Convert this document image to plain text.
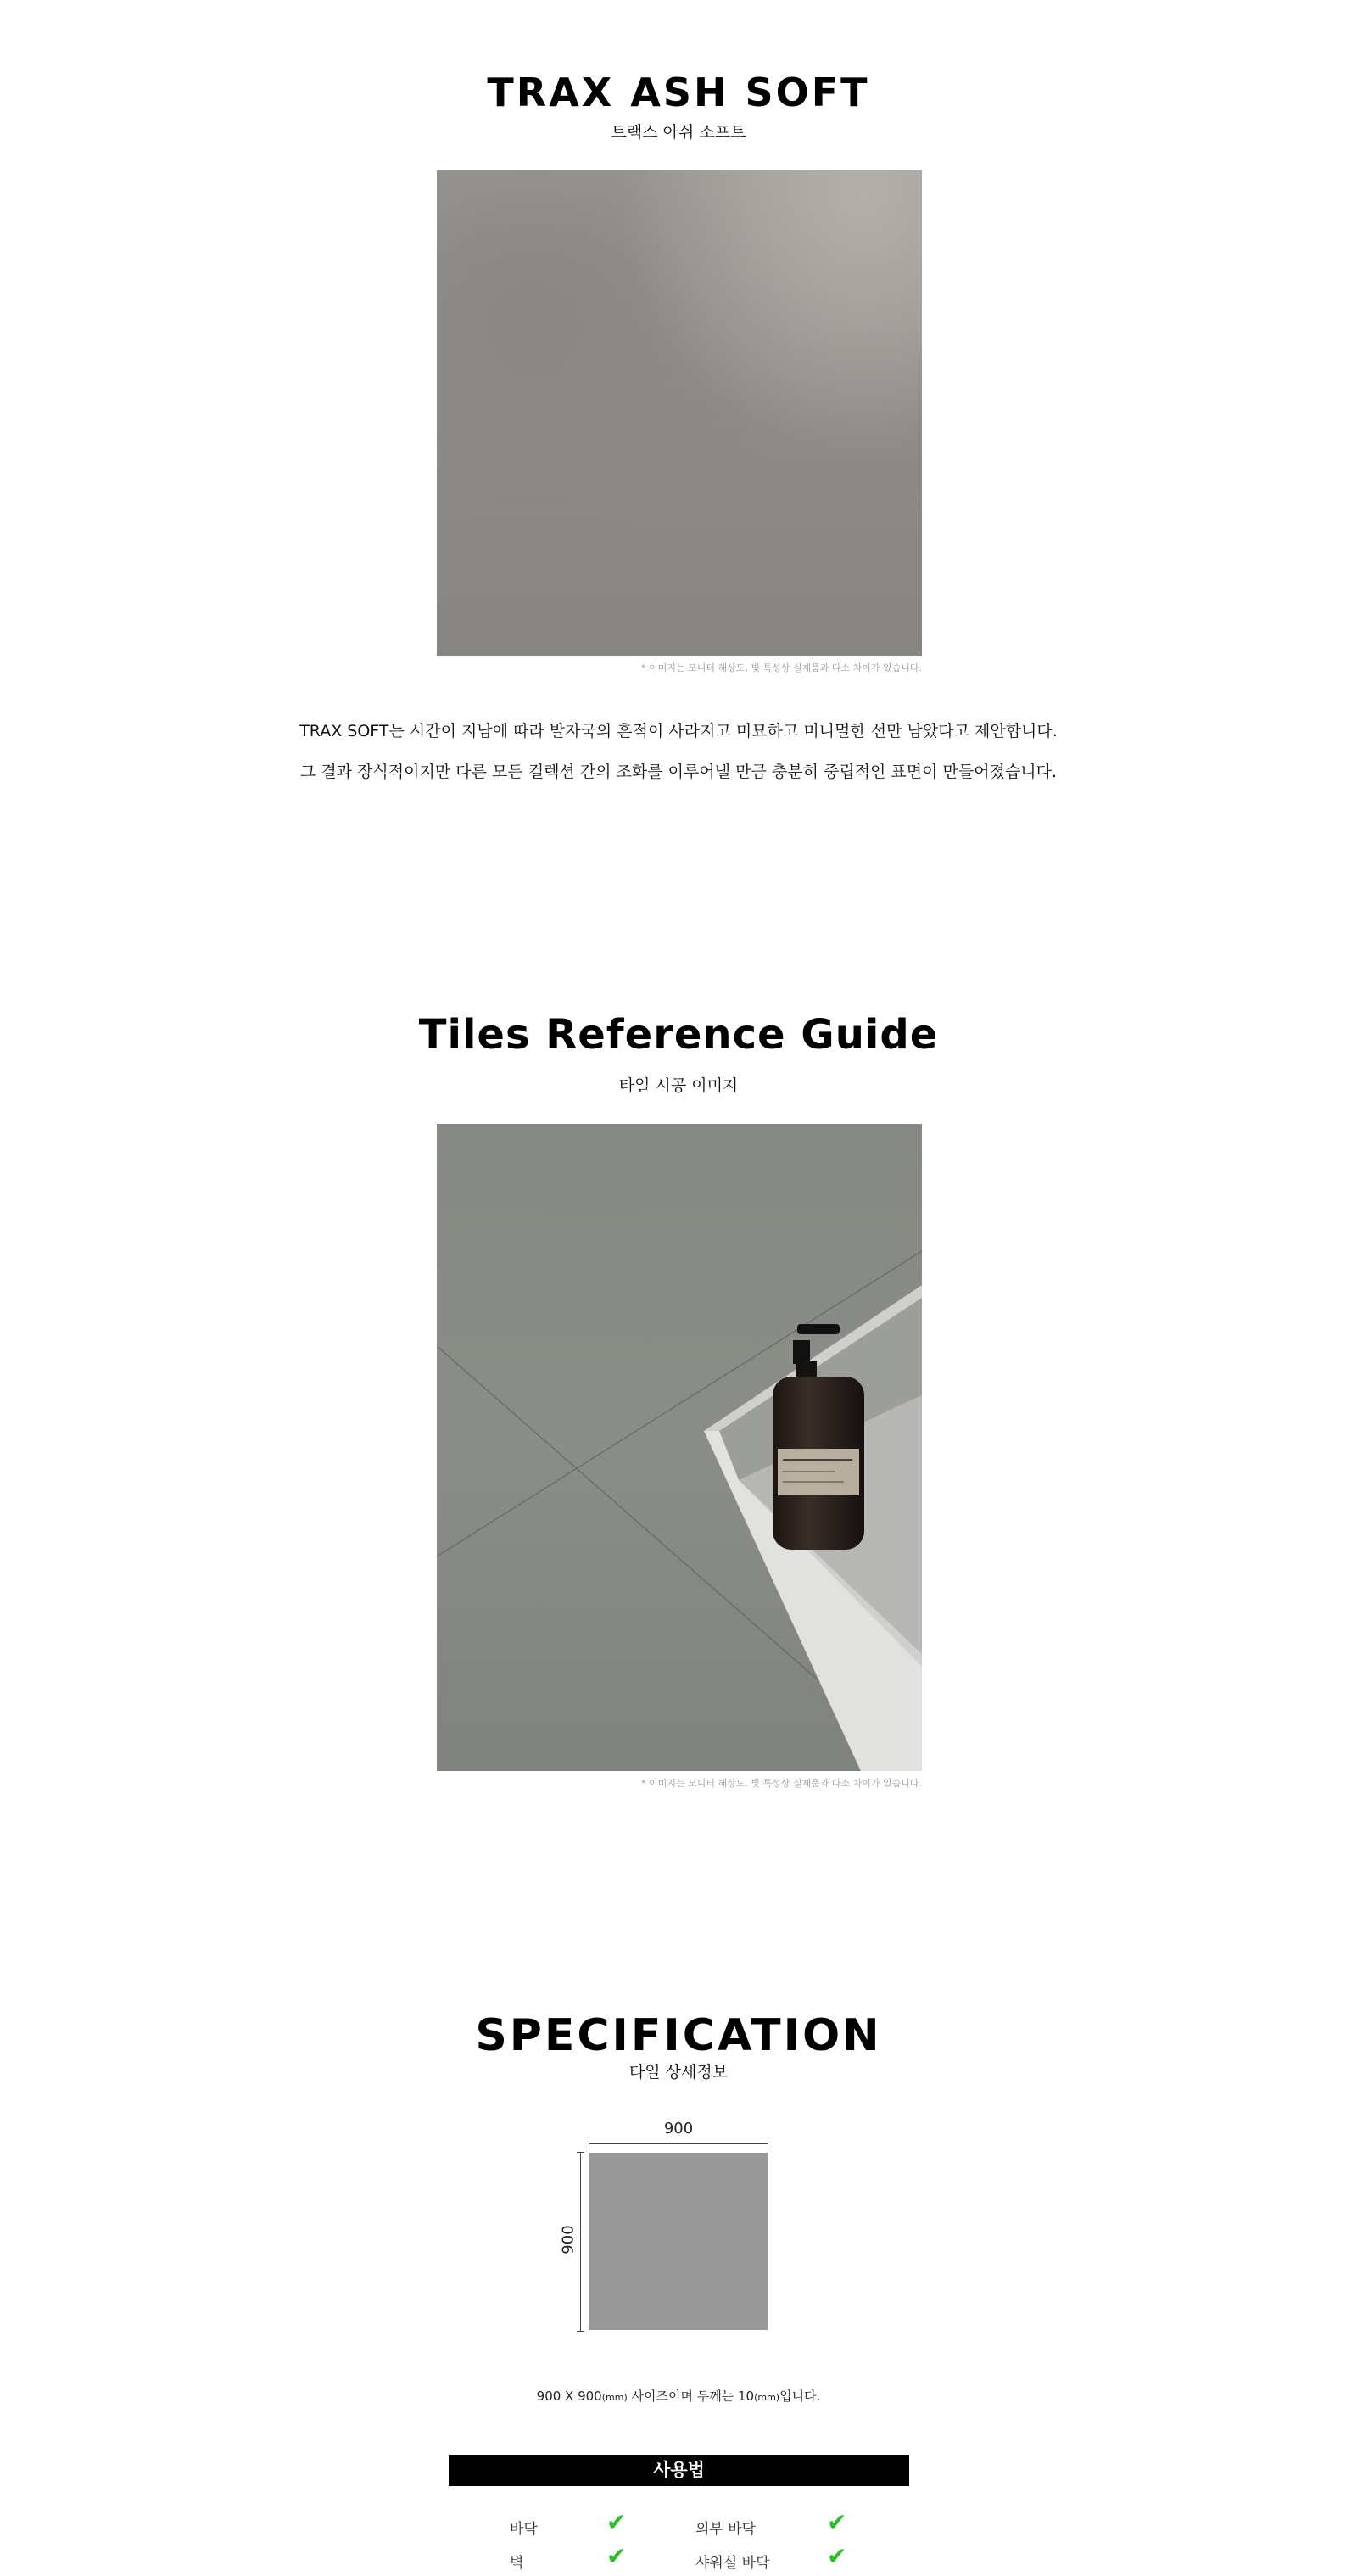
TRAX ASH SOFT
트랙스 아쉬 소프트
* 이미지는 모니터 해상도, 빛 특성상 실제품과 다소 차이가 있습니다.
TRAX SOFT는 시간이 지남에 따라 발자국의 흔적이 사라지고 미묘하고 미니멀한 선만 남았다고 제안합니다.
그 결과 장식적이지만 다른 모든 컬렉션 간의 조화를 이루어낼 만큼 충분히 중립적인 표면이 만들어졌습니다.
Tiles Reference Guide
타일 시공 이미지
* 이미지는 모니터 해상도, 빛 특성상 실제품과 다소 차이가 있습니다.
SPECIFICATION
타일 상세정보
900
900
900 X 900(mm) 사이즈이며 두께는 10(mm)입니다.
사용법
바닥	✔	외부 바닥	✔
벽	✔	샤워실 바닥 ✔
